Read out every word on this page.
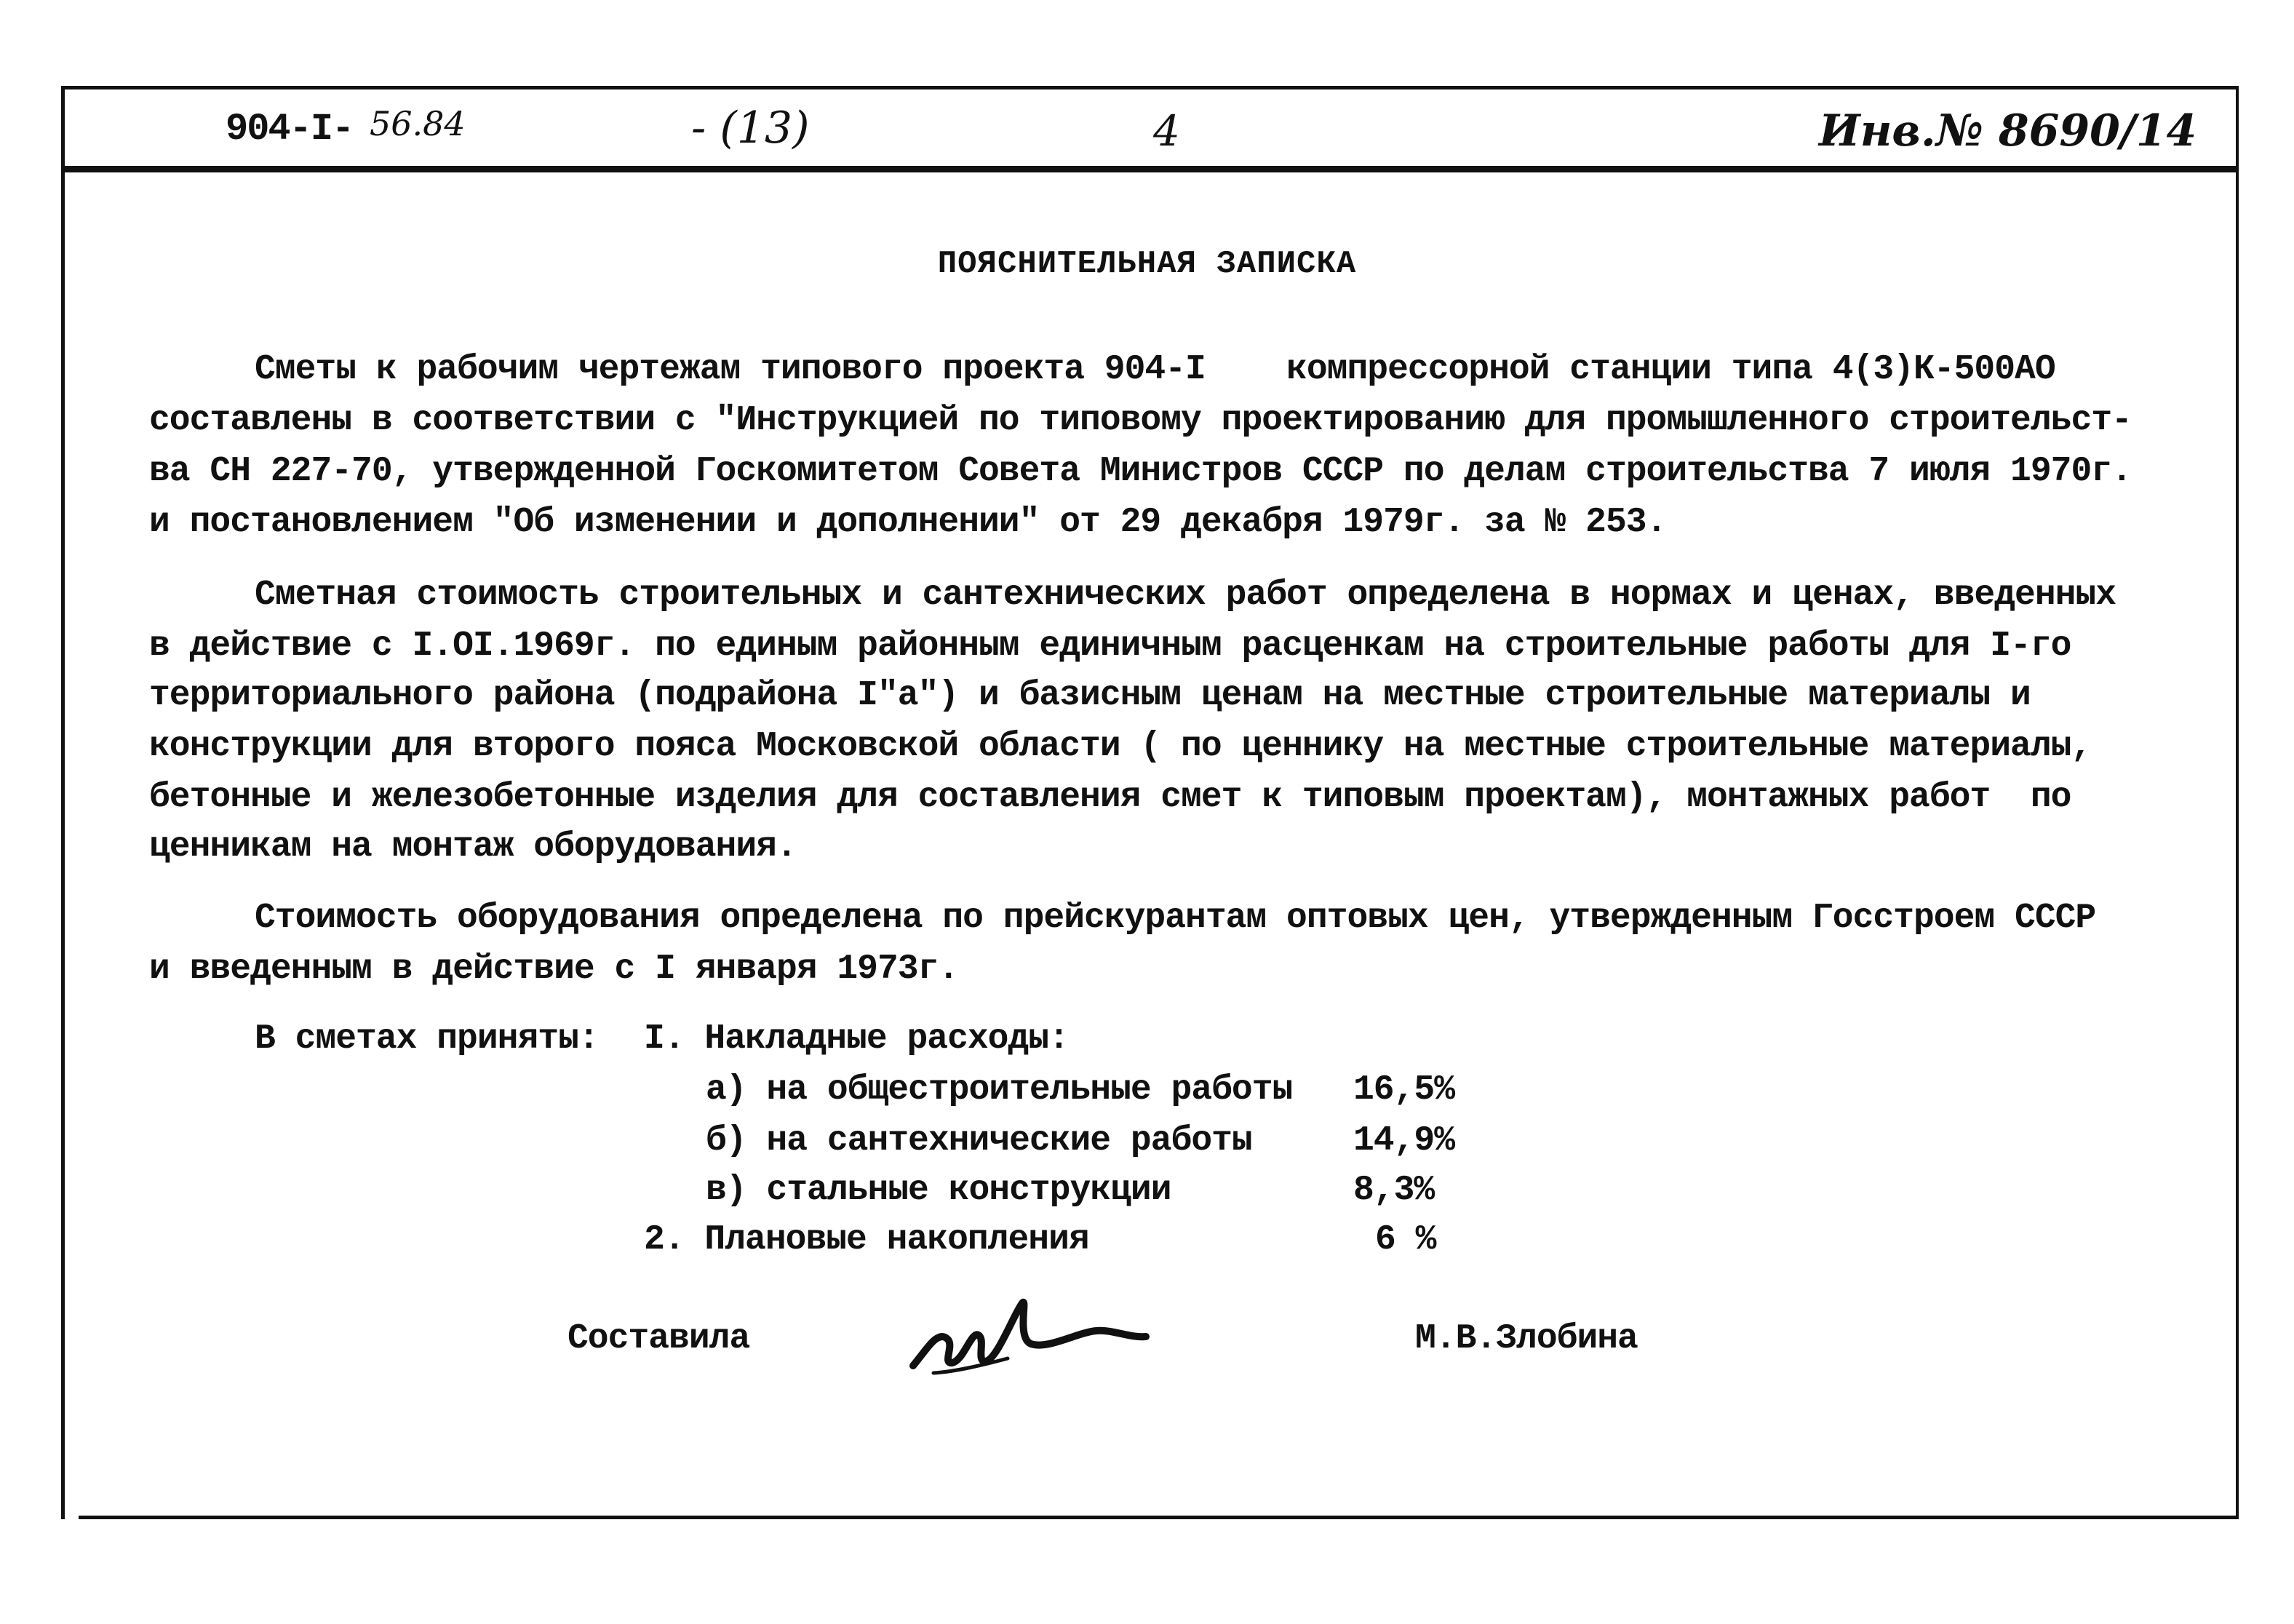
904-I- 56.84	- (13)	4	Инв.№ 8690/14
ПОЯСНИТЕЛЬНАЯ ЗАПИСКА
Сметы к рабочим чертежам типового проекта 904-I    компрессорной станции типа 4(3)К-500АО
составлены в соответствии с "Инструкцией по типовому проектированию для промышленного строительст-
ва СН 227-70, утвержденной Госкомитетом Совета Министров СССР по делам строительства 7 июля 1970г.
и постановлением "Об изменении и дополнении" от 29 декабря 1979г. за № 253.
Сметная стоимость строительных и сантехнических работ определена в нормах и ценах, введенных
в действие с I.OI.1969г. по единым районным единичным расценкам на строительные работы для I-го
территориального района (подрайона I"а") и базисным ценам на местные строительные материалы и
конструкции для второго пояса Московской области ( по ценнику на местные строительные материалы,
бетонные и железобетонные изделия для составления смет к типовым проектам), монтажных работ  по
ценникам на монтаж оборудования.
Стоимость оборудования определена по прейскурантам оптовых цен, утвержденным Госстроем СССР
и введенным в действие с I января 1973г.
В сметах приняты: I. Накладные расходы:
а) на общестроительные работы 16,5%
б) на сантехнические работы	14,9%
в) стальные конструкции	8,3%
2. Плановые накопления	6 %
Составила	М.В.Злобина
